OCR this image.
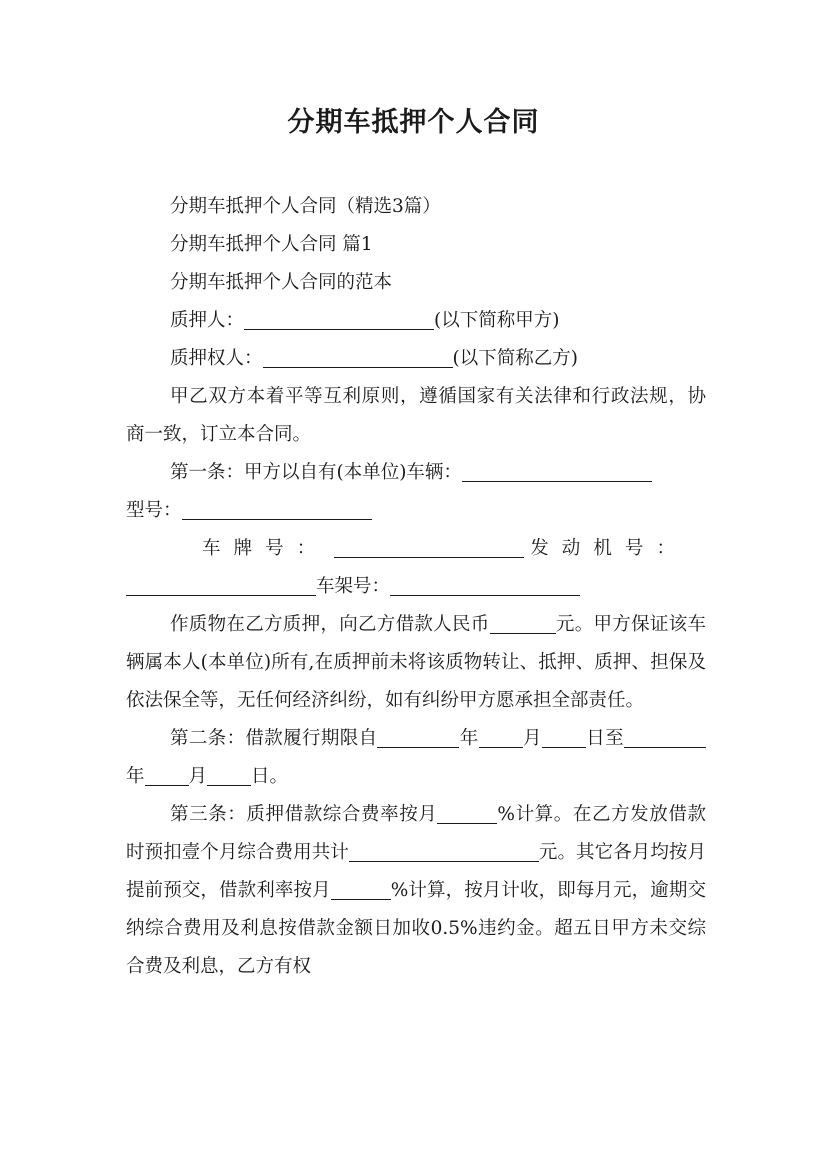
分期车抵押个人合同

分期车抵押个人合同（精选3篇）

分期车抵押个人合同 篇1

分期车抵押个人合同的范本

质押人：	(以下简称甲方)

质押权人：	(以下简称乙方)

甲乙双方本着平等互利原则，遵循国家有关法律和行政法规，协商一致，订立本合同。

第一条：甲方以自有(本单位)车辆：

型号：

车牌号：	发动机号：

车架号：

作质物在乙方质押，向乙方借款人民币	元。甲方保证该车辆属本人(本单位)所有,在质押前未将该质物转让、抵押、质押、担保及依法保全等，无任何经济纠纷，如有纠纷甲方愿承担全部责任。

第二条：借款履行期限自	年 月 日至年 月 日。

第三条：质押借款综合费率按月	%计算。在乙方发放借款时预扣壹个月综合费用共计	元。其它各月均按月提前预交，借款利率按月	%计算，按月计收，即每月元，逾期交纳综合费用及利息按借款金额日加收0.5%违约金。超五日甲方未交综合费及利息，乙方有权
